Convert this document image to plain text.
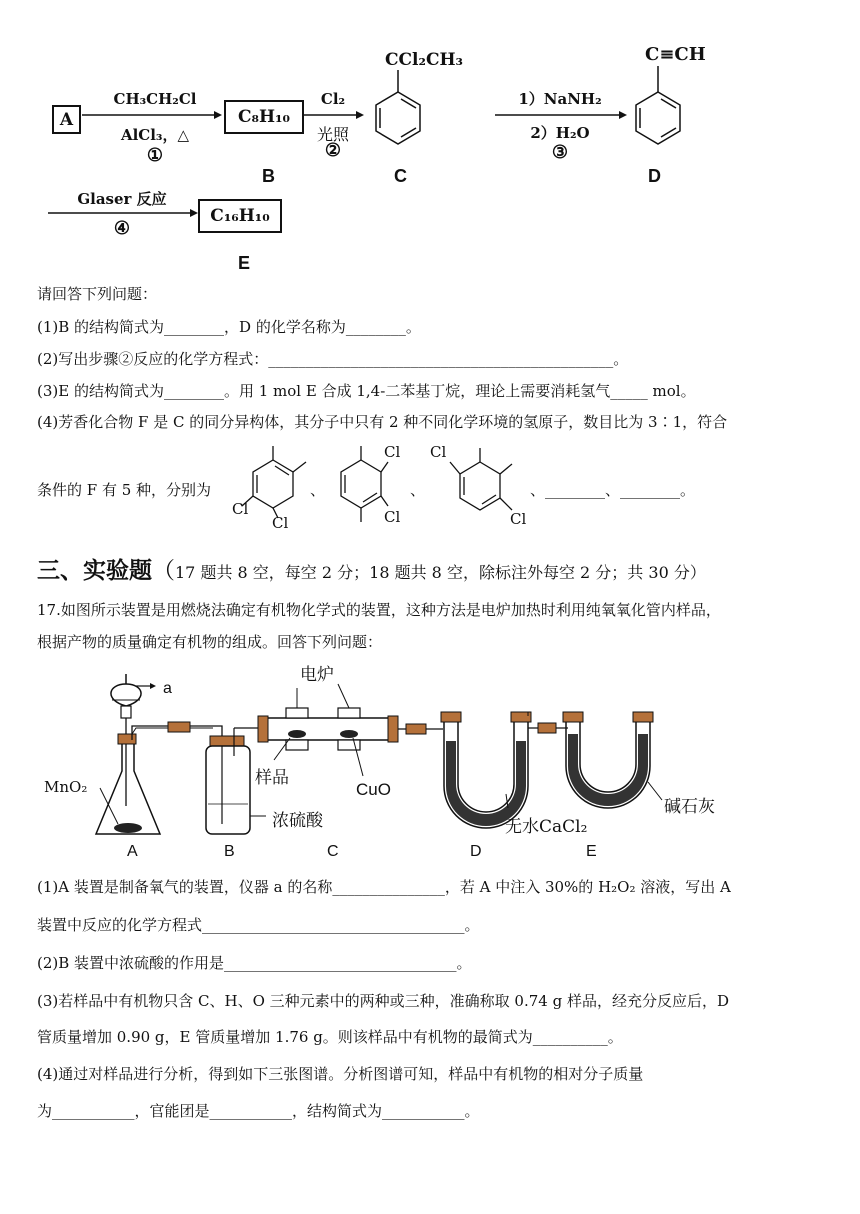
A
CH₃CH₂Cl
AlCl₃，△
①
C₈H₁₀
B
Cl₂
光照
②
CCl₂CH₃
C
1）NaNH₂
2）H₂O
③
C≡CH
D
Glaser 反应
④
C₁₆H₁₀
E
请回答下列问题：
(1)B 的结构简式为________，D 的化学名称为________。
(2)写出步骤②反应的化学方程式：______________________________________________。
(3)E 的结构简式为________。用 1 mol E 合成 1,4-二苯基丁烷，理论上需要消耗氢气_____ mol。
(4)芳香化合物 F 是 C 的同分异构体，其分子中只有 2 种不同化学环境的氢原子，数目比为 3∶1，符合
条件的 F 有 5 种，分别为
Cl
Cl
、
Cl
Cl
、
Cl
Cl
、________、________。
三、实验题（17 题共 8 空，每空 2 分；18 题共 8 空，除标注外每空 2 分；共 30 分）
17.如图所示装置是用燃烧法确定有机物化学式的装置，这种方法是电炉加热时利用纯氧氧化管内样品，
根据产物的质量确定有机物的组成。回答下列问题：
a
MnO₂
电炉
样品
CuO
浓硫酸	无水CaCl₂
碱石灰
A	B	C	D	E
(1)A 装置是制备氧气的装置，仪器 a 的名称_______________，若 A 中注入 30%的 H₂O₂ 溶液，写出 A
装置中反应的化学方程式___________________________________。
(2)B 装置中浓硫酸的作用是_______________________________。
(3)若样品中有机物只含 C、H、O 三种元素中的两种或三种，准确称取 0.74 g 样品，经充分反应后，D
管质量增加 0.90 g，E 管质量增加 1.76 g。则该样品中有机物的最简式为__________。
(4)通过对样品进行分析，得到如下三张图谱。分析图谱可知，样品中有机物的相对分子质量
为___________，官能团是___________，结构简式为___________。
